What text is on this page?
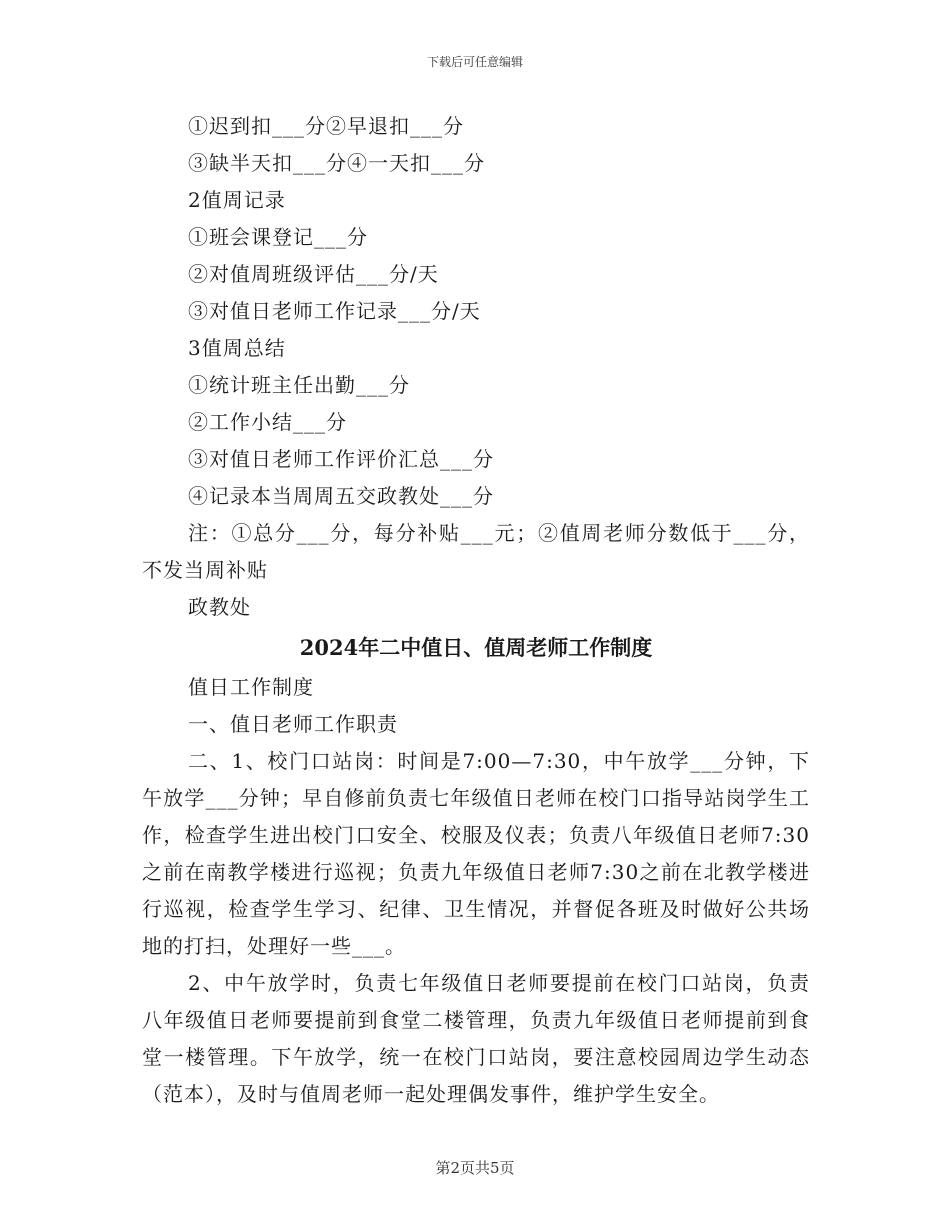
下载后可任意编辑

①迟到扣___分②早退扣___分

③缺半天扣___分④一天扣___分

2值周记录

①班会课登记___分

②对值周班级评估___分/天

③对值日老师工作记录___分/天

3值周总结

①统计班主任出勤___分

②工作小结___分

③对值日老师工作评价汇总___分

④记录本当周周五交政教处___分

注：①总分___分，每分补贴___元；②值周老师分数低于___分，不发当周补贴

政教处

2024年二中值日、值周老师工作制度

值日工作制度

一、值日老师工作职责

二、1、校门口站岗：时间是7:00—7:30，中午放学___分钟，下午放学___分钟；早自修前负责七年级值日老师在校门口指导站岗学生工作，检查学生进出校门口安全、校服及仪表；负责八年级值日老师7:30之前在南教学楼进行巡视；负责九年级值日老师7:30之前在北教学楼进行巡视，检查学生学习、纪律、卫生情况，并督促各班及时做好公共场地的打扫，处理好一些___。

2、中午放学时，负责七年级值日老师要提前在校门口站岗，负责八年级值日老师要提前到食堂二楼管理，负责九年级值日老师提前到食堂一楼管理。下午放学，统一在校门口站岗，要注意校园周边学生动态（范本），及时与值周老师一起处理偶发事件，维护学生安全。

第2页共5页
